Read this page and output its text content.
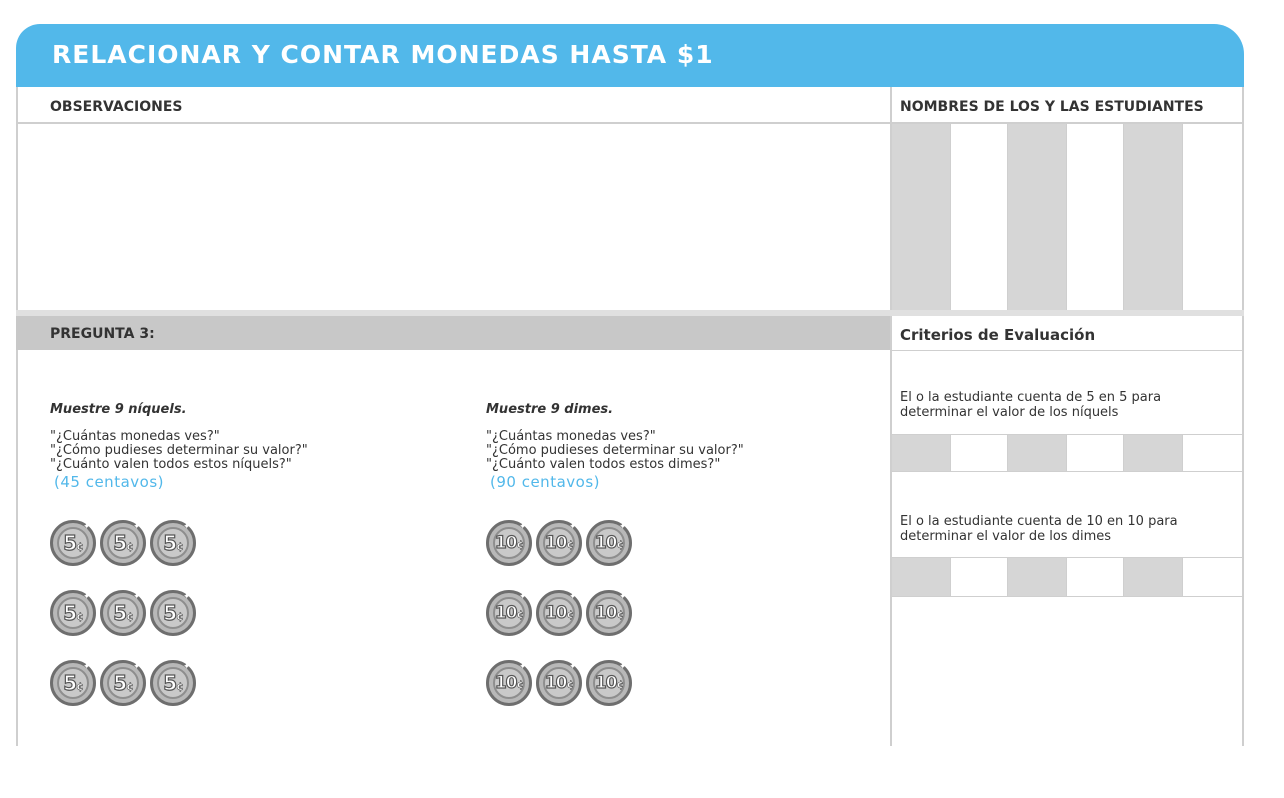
RELACIONAR Y CONTAR MONEDAS HASTA $1

OBSERVACIONES	NOMBRES DE LOS Y LAS ESTUDIANTES

PREGUNTA 3:	Criterios de Evaluación

El o la estudiante cuenta de 5 en 5 para determinar el valor de los níquels

El o la estudiante cuenta de 10 en 10 para determinar el valor de los dimes

Muestre 9 níquels.

"¿Cuántas monedas ves?"

"¿Cómo pudieses determinar su valor?"

"¿Cuánto valen todos estos níquels?"

(45 centavos)

5¢
✦
5¢
✦
5¢
✦
5¢
✦
5¢
✦
5¢
✦
5¢
✦
5¢
✦
5¢
✦

Muestre 9 dimes.

"¿Cuántas monedas ves?"

"¿Cómo pudieses determinar su valor?"

"¿Cuánto valen todos estos dimes?"

(90 centavos)

10¢
✦
10¢
✦
10¢
✦
10¢
✦
10¢
✦
10¢
✦
10¢
✦
10¢
✦
10¢
✦
